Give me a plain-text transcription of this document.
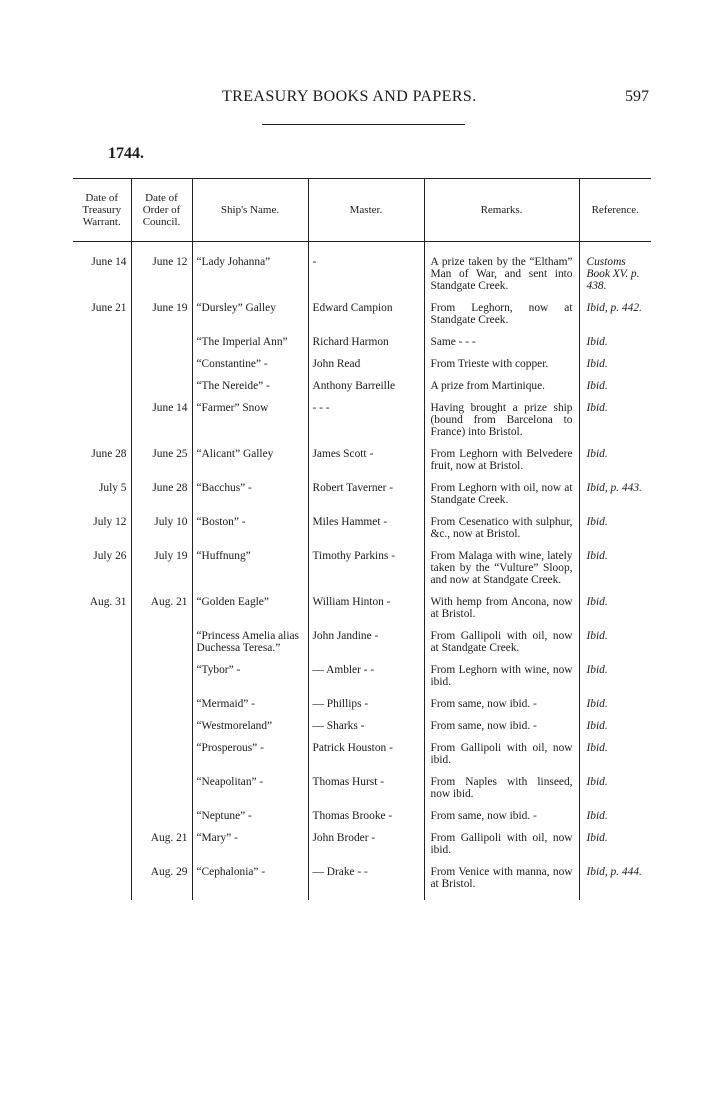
TREASURY BOOKS AND PAPERS.	597
1744.
Date of Treasury Warrant.	Date of Order of Council.	Ship's Name.	Master.	Remarks.	Reference.
June 14	June 12	“Lady Johanna”	-	A prize taken by the “Eltham” Man of War, and sent into Standgate Creek.	Customs Book XV. p. 438.
June 21	June 19	“Dursley” Galley	Edward Campion	From Leghorn, now at Standgate Creek.	Ibid, p. 442.
		“The Imperial Ann”	Richard Harmon	Same - - -	Ibid.
		“Constantine” -	John Read	From Trieste with copper.	Ibid.
		“The Nereide” -	Anthony Barreille	A prize from Martinique.	Ibid.
	June 14	“Farmer” Snow	- - -	Having brought a prize ship (bound from Barcelona to France) into Bristol.	Ibid.
June 28	June 25	“Alicant” Galley	James Scott -	From Leghorn with Belvedere fruit, now at Bristol.	Ibid.
July 5	June 28	“Bacchus” -	Robert Taverner -	From Leghorn with oil, now at Standgate Creek.	Ibid, p. 443.
July 12	July 10	“Boston” -	Miles Hammet -	From Cesenatico with sulphur, &c., now at Bristol.	Ibid.
July 26	July 19	“Huffnung”	Timothy Parkins -	From Malaga with wine, lately taken by the “Vulture” Sloop, and now at Standgate Creek.	Ibid.
Aug. 31	Aug. 21	“Golden Eagle”	William Hinton -	With hemp from Ancona, now at Bristol.	Ibid.
		“Princess Amelia alias Duchessa Teresa.”	John Jandine -	From Gallipoli with oil, now at Standgate Creek.	Ibid.
		“Tybor” -	— Ambler - -	From Leghorn with wine, now ibid.	Ibid.
		“Mermaid” -	— Phillips -	From same, now ibid. -	Ibid.
		“Westmoreland”	— Sharks -	From same, now ibid. -	Ibid.
		“Prosperous” -	Patrick Houston -	From Gallipoli with oil, now ibid.	Ibid.
		“Neapolitan” -	Thomas Hurst -	From Naples with linseed, now ibid.	Ibid.
		“Neptune” -	Thomas Brooke -	From same, now ibid. -	Ibid.
	Aug. 21	“Mary” -	John Broder -	From Gallipoli with oil, now ibid.	Ibid.
	Aug. 29	“Cephalonia” -	— Drake - -	From Venice with manna, now at Bristol.	Ibid, p. 444.
